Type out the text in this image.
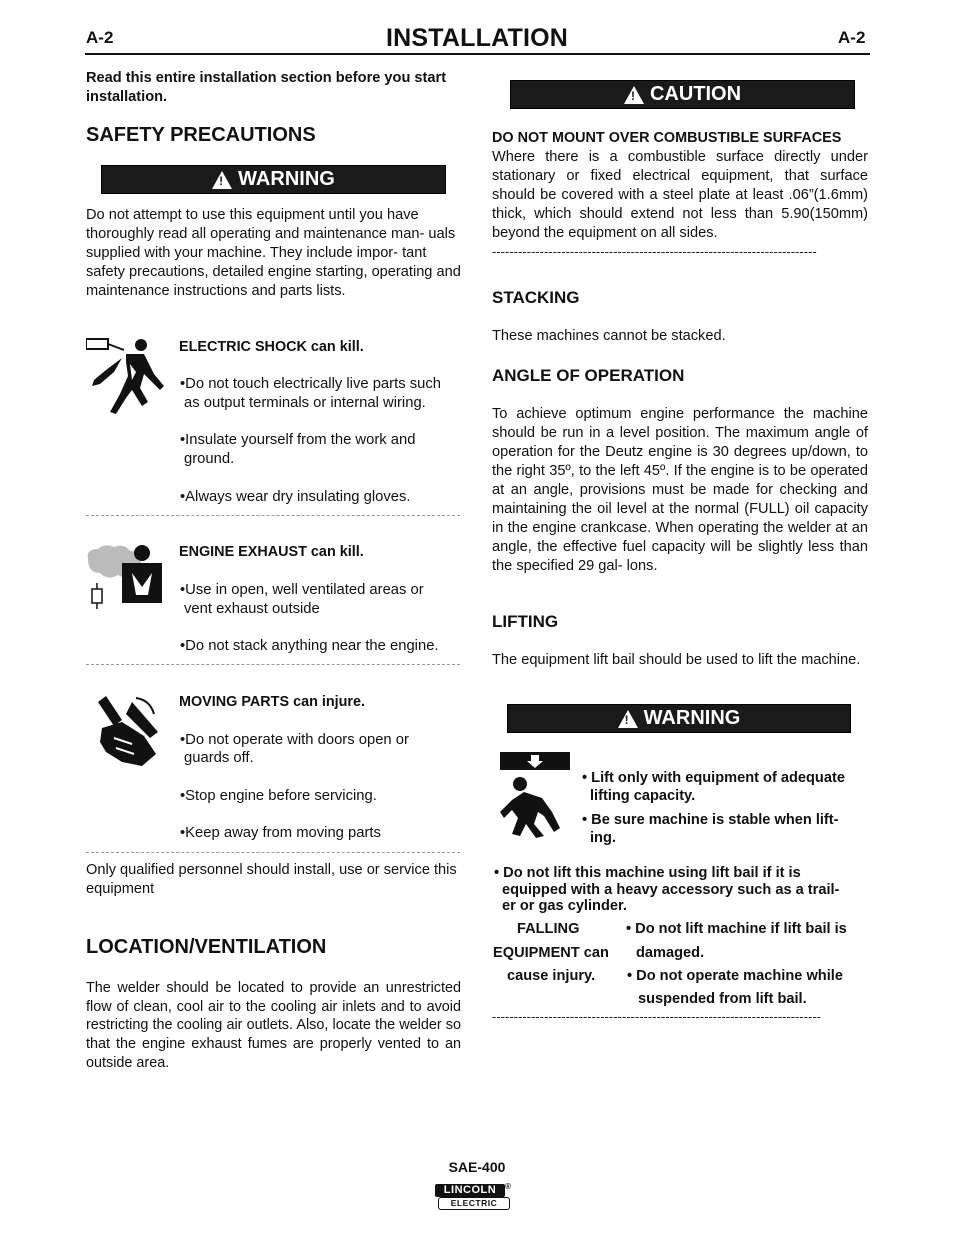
A-2	INSTALLATION	A-2
Read this entire installation section before you start installation.
SAFETY PRECAUTIONS
! WARNING
Do not attempt to use this equipment until you have thoroughly read all operating and maintenance man- uals supplied with your machine. They include impor- tant safety precautions, detailed engine starting, operating and maintenance instructions and parts lists.
ELECTRIC SHOCK can kill.
•Do not touch electrically live parts such
as output terminals or internal wiring.
•Insulate yourself from the work and
ground.
•Always wear dry insulating gloves.
ENGINE EXHAUST can kill.
•Use in open, well ventilated areas or
vent exhaust outside
•Do not stack anything near the engine.
MOVING PARTS can injure.
•Do not operate with doors open or
guards off.
•Stop engine before servicing.
•Keep away from moving parts
Only qualified personnel should install, use or service this equipment
LOCATION/VENTILATION
The welder should be located to provide an unrestricted flow of clean, cool air to the cooling air inlets and to avoid restricting the cooling air outlets. Also, locate the welder so that the engine exhaust fumes are properly vented to an outside area.
! CAUTION
DO NOT MOUNT OVER COMBUSTIBLE SURFACES
Where there is a combustible surface directly under stationary or fixed electrical equipment, that surface should be covered with a steel plate at least .06”(1.6mm) thick, which should extend not less than 5.90(150mm) beyond the equipment on all sides.
---------------------------------------------------------------------------
STACKING
These machines cannot be stacked.
ANGLE OF OPERATION
To achieve optimum engine performance the machine should be run in a level position. The maximum angle of operation for the Deutz engine is 30 degrees up/down, to the right 35º, to the left 45º. If the engine is to be operated at an angle, provisions must be made for checking and maintaining the oil level at the normal (FULL) oil capacity in the engine crankcase. When operating the welder at an angle, the effective fuel capacity will be slightly less than the specified 29 gal- lons.
LIFTING
The equipment lift bail should be used to lift the machine.
! WARNING
• Lift only with equipment of adequate
lifting capacity.
• Be sure machine is stable when lift-
ing.
• Do not lift this machine using lift bail if it is
equipped with a heavy accessory such as a trail-
er or gas cylinder.
FALLING
EQUIPMENT can
cause injury.
• Do not lift machine if lift bail is
damaged.
• Do not operate machine while
suspended from lift bail.
----------------------------------------------------------------------------
SAE-400
LINCOLN	®
ELECTRIC
